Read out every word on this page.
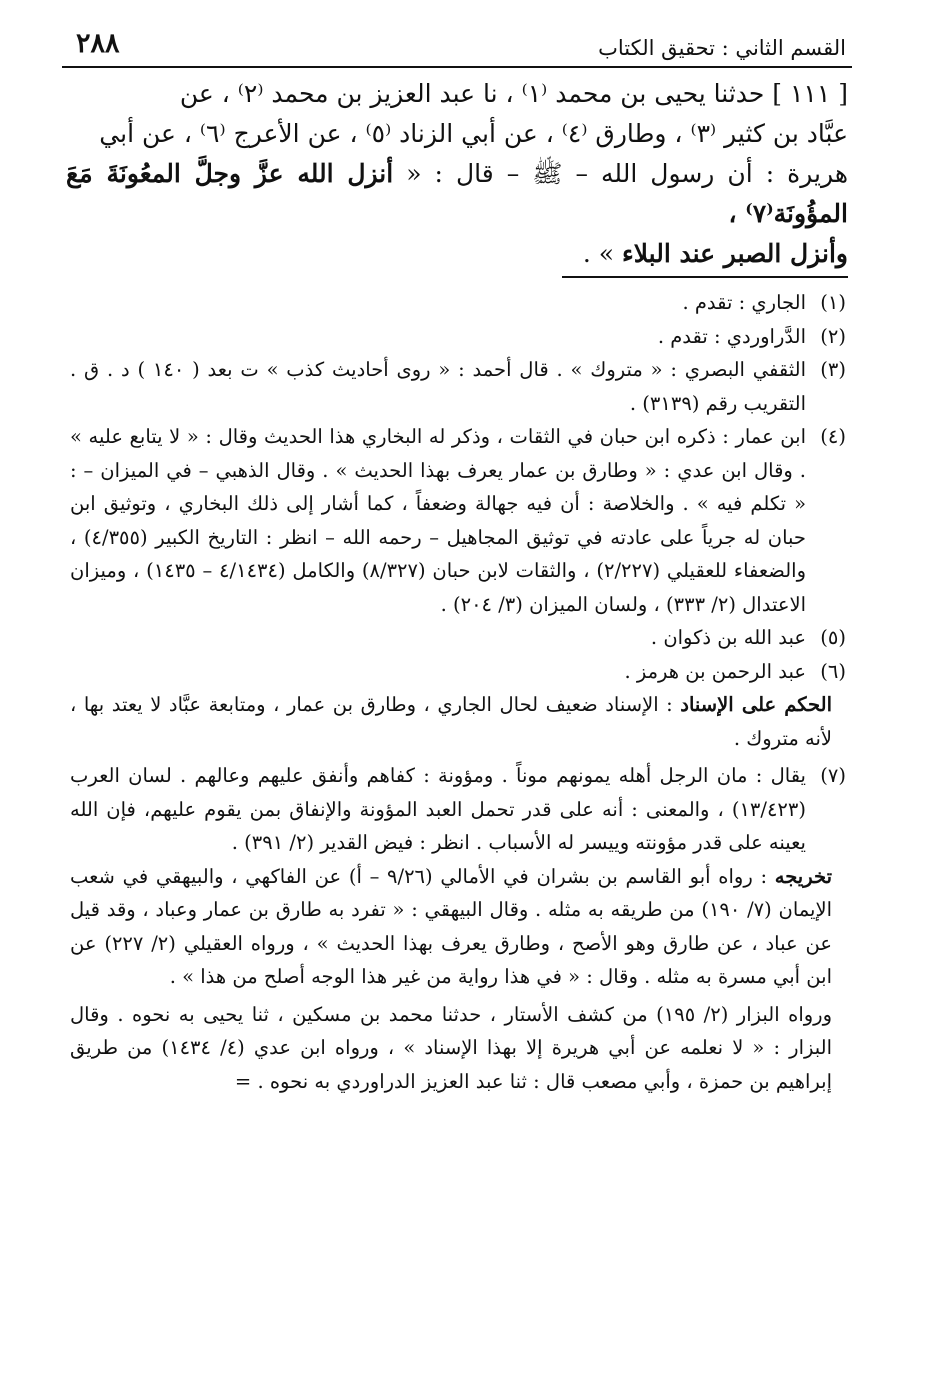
٢٨٨	القسم الثاني : تحقيق الكتاب

[ ١١١ ] حدثنا يحيى بن محمد ⁽١⁾ ، نا عبد العزيز بن محمد ⁽٢⁾ ، عن

عبَّاد بن كثير ⁽٣⁾ ، وطارق ⁽٤⁾ ، عن أبي الزناد ⁽٥⁾ ، عن الأعرج ⁽٦⁾ ، عن أبي

هريرة : أن رسول الله – ﷺ – قال : « أنزل الله عزَّ وجلَّ المعُونَةَ مَعَ المؤُونَة⁽٧⁾ ،

وأنزل الصبر عند البلاء » .

(١)
الجاري : تقدم .
(٢)
الدَّراوردي : تقدم .
(٣)
الثقفي البصري : « متروك » . قال أحمد : « روى أحاديث كذب » ت بعد ( ١٤٠ ) د . ق . التقريب رقم (٣١٣٩) .
(٤)
ابن عمار : ذكره ابن حبان في الثقات ، وذكر له البخاري هذا الحديث وقال : « لا يتابع عليه » . وقال ابن عدي : « وطارق بن عمار يعرف بهذا الحديث » . وقال الذهبي – في الميزان – : « تكلم فيه » . والخلاصة : أن فيه جهالة وضعفاً ، كما أشار إلى ذلك البخاري ، وتوثيق ابن حبان له جرياً على عادته في توثيق المجاهيل – رحمه الله – انظر : التاريخ الكبير (٤/٣٥٥) ، والضعفاء للعقيلي (٢/٢٢٧) ، والثقات لابن حبان (٨/٣٢٧) والكامل (٤/١٤٣٤ – ١٤٣٥) ، وميزان الاعتدال (٢/ ٣٣٣) ، ولسان الميزان (٣/ ٢٠٤) .
(٥)
عبد الله بن ذكوان .
(٦)
عبد الرحمن بن هرمز .
الحكم على الإسناد : الإسناد ضعيف لحال الجاري ، وطارق بن عمار ، ومتابعة عبَّاد لا يعتد بها ، لأنه متروك .
(٧)
يقال : مان الرجل أهله يمونهم موناً . ومؤونة : كفاهم وأنفق عليهم وعالهم . لسان العرب (١٣/٤٢٣) ، والمعنى : أنه على قدر تحمل العبد المؤونة والإنفاق بمن يقوم عليهم، فإن الله يعينه على قدر مؤونته وييسر له الأسباب . انظر : فيض القدير (٢/ ٣٩١) .
تخريجه : رواه أبو القاسم بن بشران في الأمالي (٩/٢٦ – أ) عن الفاكهي ، والبيهقي في شعب الإيمان (٧/ ١٩٠) من طريقه به مثله . وقال البيهقي : « تفرد به طارق بن عمار وعباد ، وقد قيل عن عباد ، عن طارق وهو الأصح ، وطارق يعرف بهذا الحديث » ، ورواه العقيلي (٢/ ٢٢٧) عن ابن أبي مسرة به مثله . وقال : « في هذا رواية من غير هذا الوجه أصلح من هذا » .
ورواه البزار (٢/ ١٩٥) من كشف الأستار ، حدثنا محمد بن مسكين ، ثنا يحيى به نحوه . وقال البزار : « لا نعلمه عن أبي هريرة إلا بهذا الإسناد » ، ورواه ابن عدي (٤/ ١٤٣٤) من طريق إبراهيم بن حمزة ، وأبي مصعب قال : ثنا عبد العزيز الدراوردي به نحوه . =
